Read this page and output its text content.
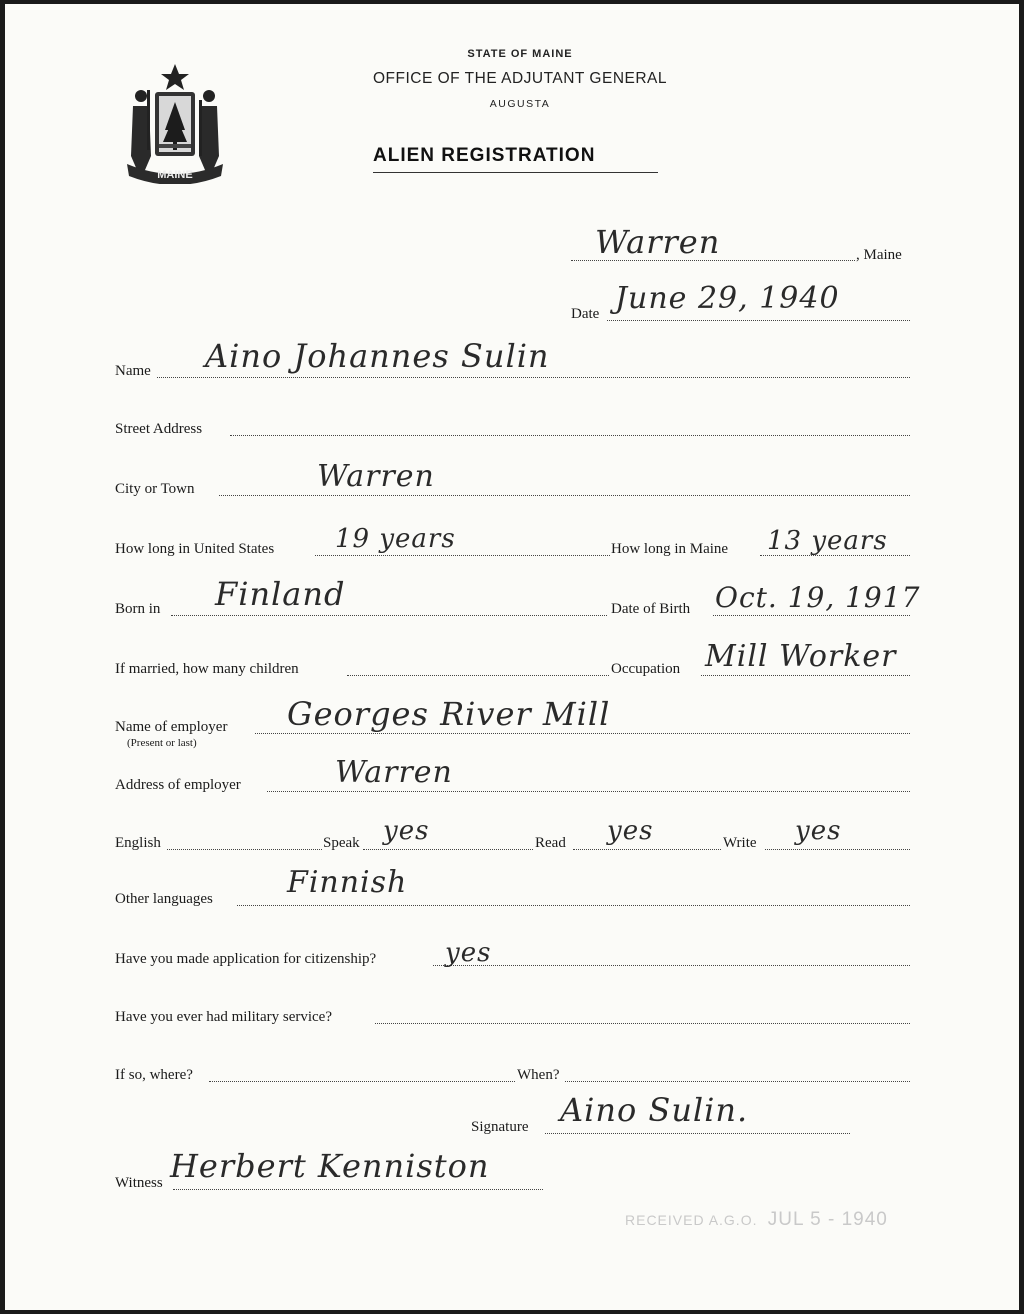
MAINE
STATE OF MAINE
OFFICE OF THE ADJUTANT GENERAL
AUGUSTA
ALIEN REGISTRATION
Warren	, Maine
Date June 29, 1940
Name Aino Johannes Sulin
Street Address
City or Town	Warren
How long in United States 19 years	How long in Maine 13 years
Born in Finland	Date of Birth Oct. 19, 1917
If married, how many children	Occupation Mill Worker
Name of employer
(Present or last)
Georges River Mill
Address of employer	Warren
English	Speak yes	Read yes	Write yes
Other languages Finnish
Have you made application for citizenship?	yes
Have you ever had military service?
If so, where?	When?
Signature Aino Sulin.
Witness Herbert Kenniston
RECEIVED A.G.O. JUL 5 - 1940
